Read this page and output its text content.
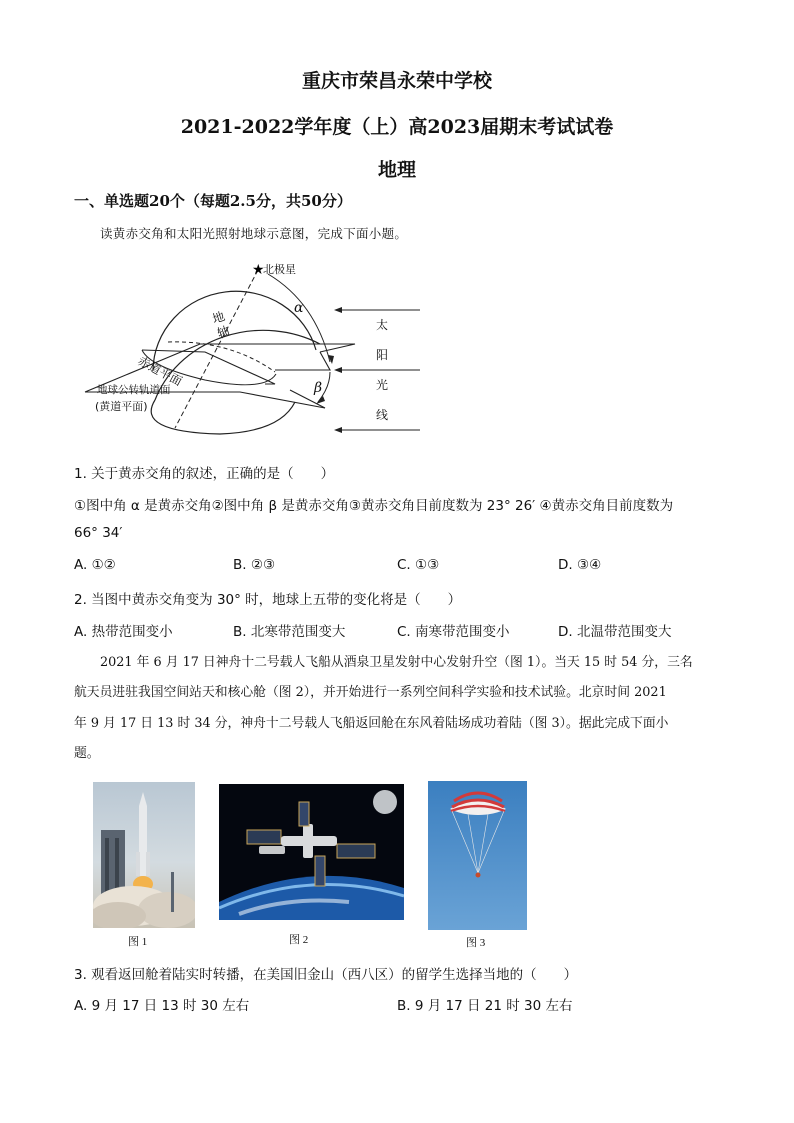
重庆市荣昌永荣中学校
2021-2022学年度（上）高2023届期末考试试卷
地理
一、单选题20个（每题2.5分，共50分）
读黄赤交角和太阳光照射地球示意图，完成下面小题。
★
北极星
地轴
赤道平面
地球公转轨道面
(黄道平面)
α
β
太
阳
光
线
1. 关于黄赤交角的叙述，正确的是（　　）
①图中角 α 是黄赤交角②图中角 β 是黄赤交角③黄赤交角目前度数为 23° 26′ ④黄赤交角目前度数为
66° 34′
A. ①②	B. ②③	C. ①③	D. ③④
2. 当图中黄赤交角变为 30° 时，地球上五带的变化将是（　　）
A. 热带范围变小	B. 北寒带范围变大	C. 南寒带范围变小	D. 北温带范围变大
2021 年 6 月 17 日神舟十二号载人飞船从酒泉卫星发射中心发射升空（图 1）。当天 15 时 54 分，三名
航天员进驻我国空间站天和核心舱（图 2），并开始进行一系列空间科学实验和技术试验。北京时间 2021
年 9 月 17 日 13 时 34 分，神舟十二号载人飞船返回舱在东风着陆场成功着陆（图 3）。据此完成下面小
题。
图 1	图 2	图 3
3. 观看返回舱着陆实时转播，在美国旧金山（西八区）的留学生选择当地的（　　）
A. 9 月 17 日 13 时 30 左右	B. 9 月 17 日 21 时 30 左右
